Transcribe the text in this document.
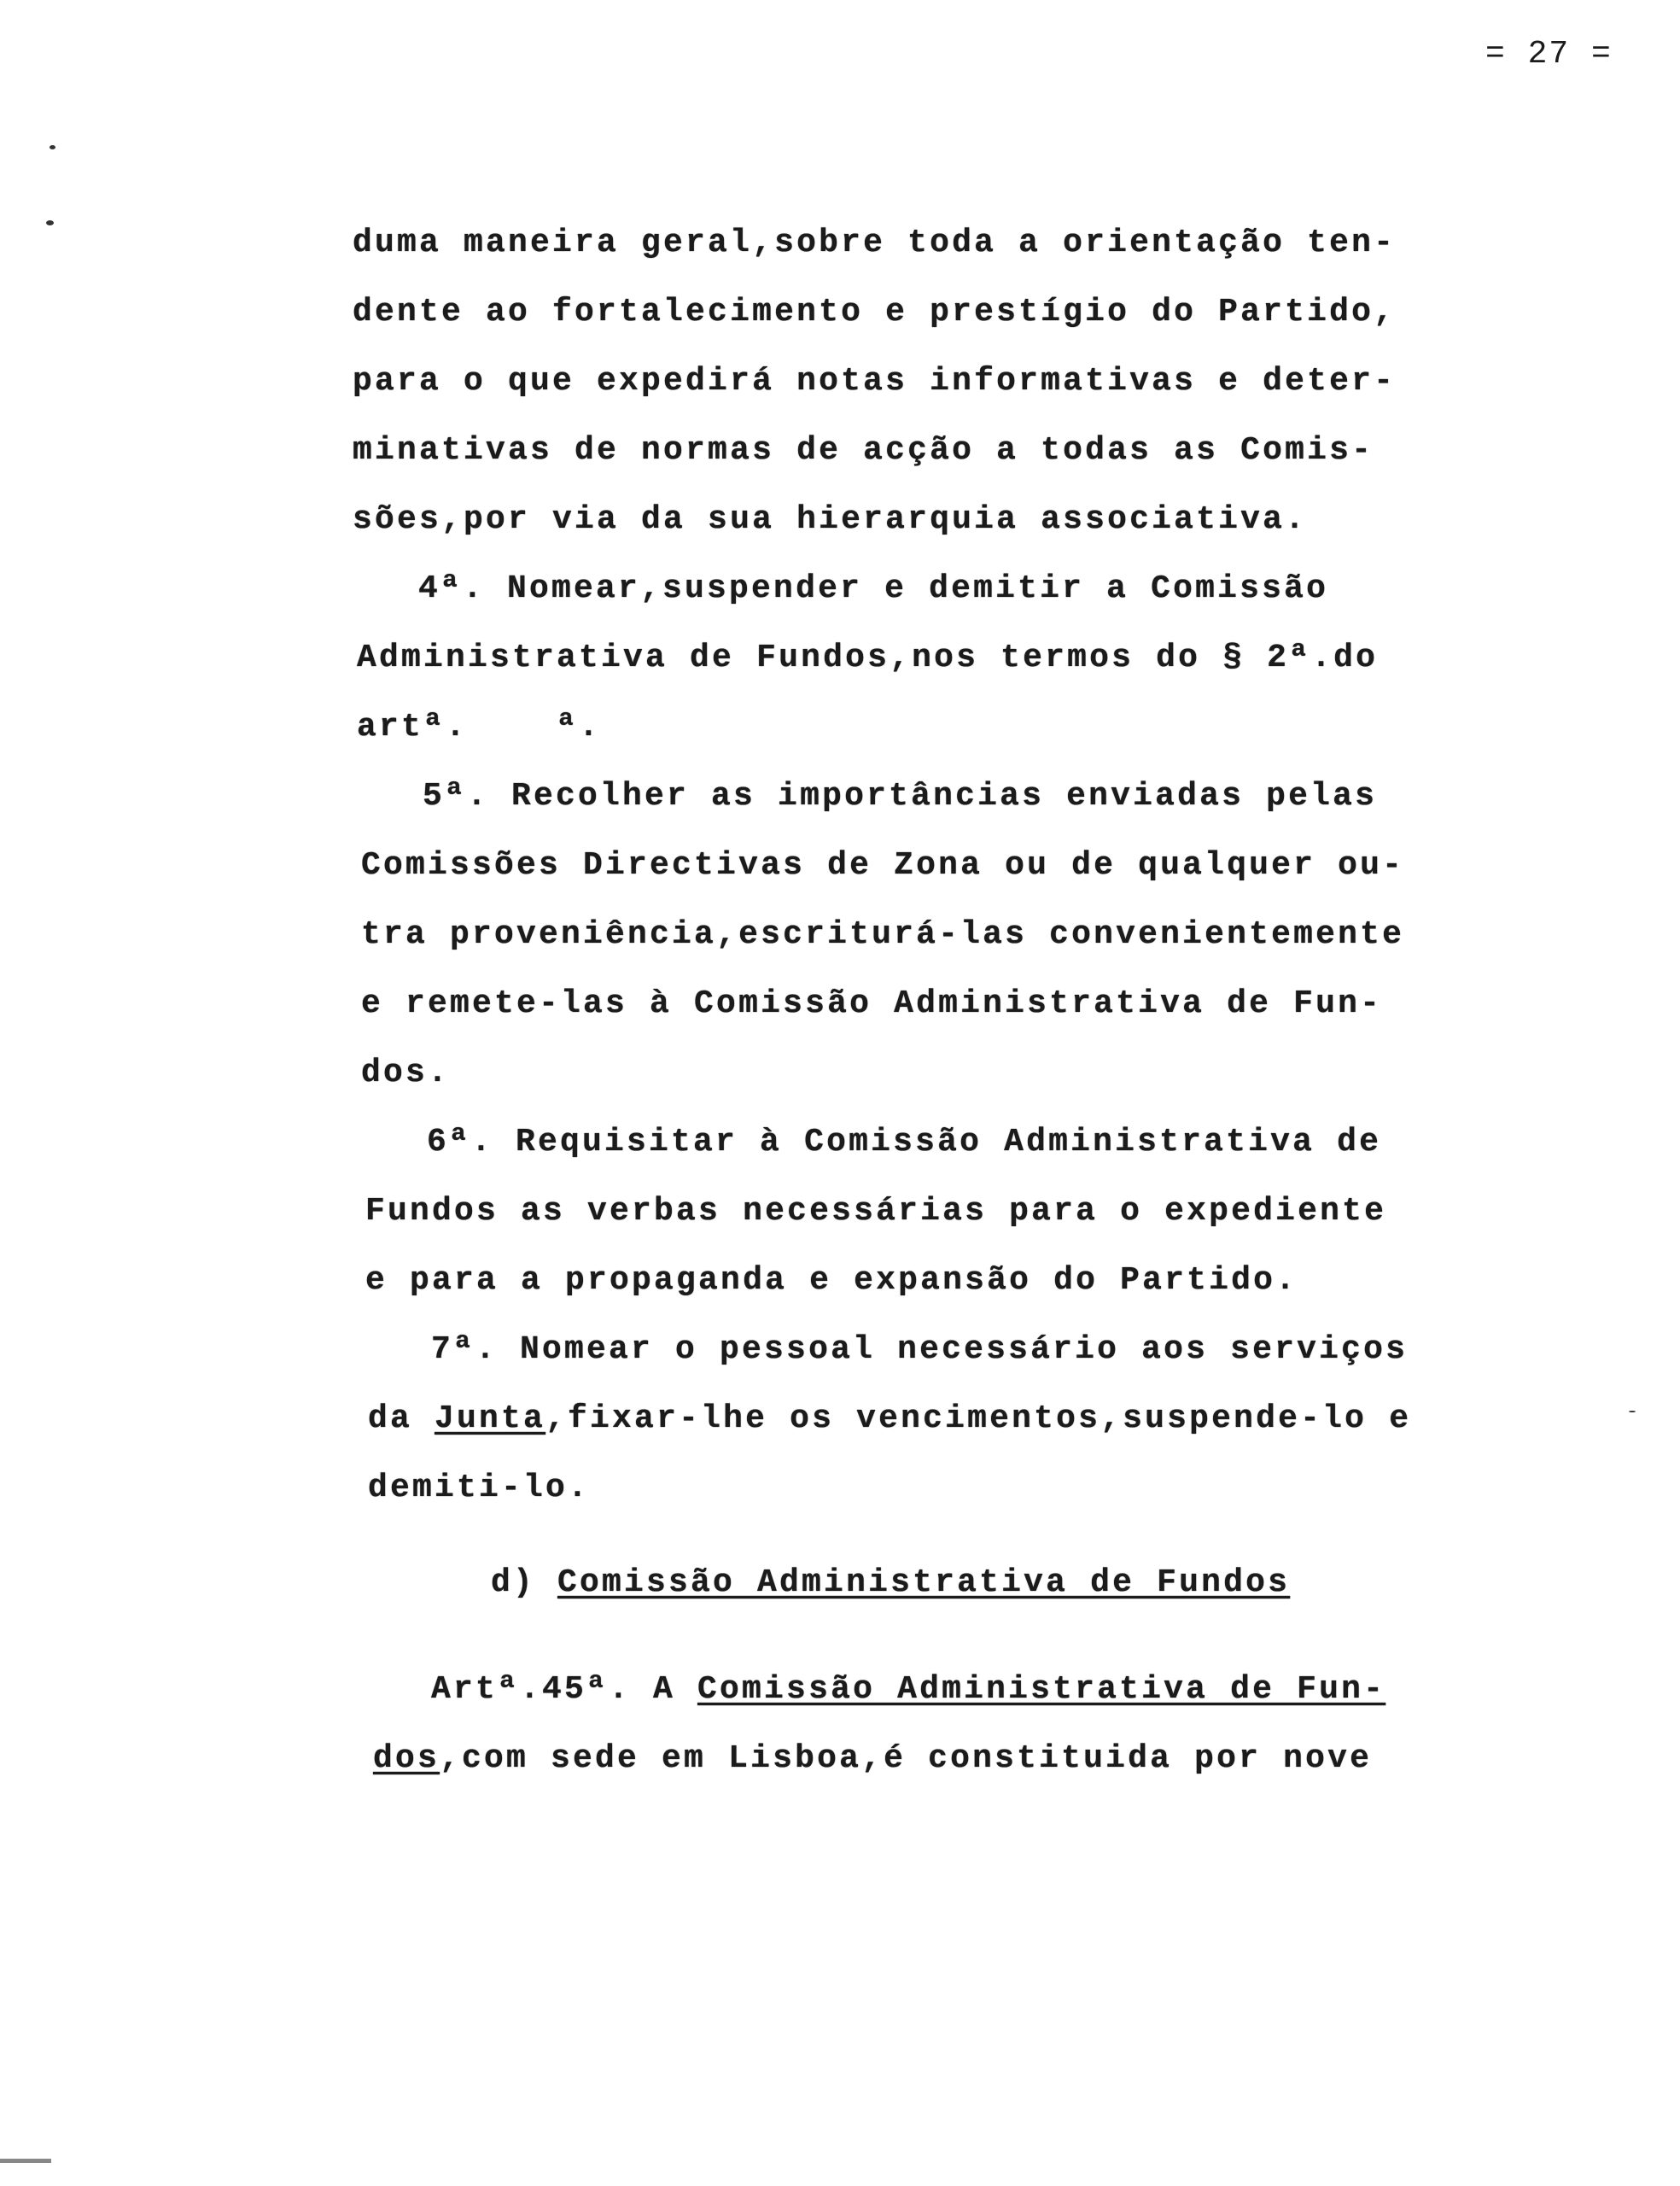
= 27 =
duma maneira geral,sobre toda a orientação ten-
dente ao fortalecimento e prestígio do Partido,
para o que expedirá notas informativas e deter-
minativas de normas de acção a todas as Comis-
sões,por via da sua hierarquia associativa.
4ª. Nomear,suspender e demitir a Comissão
Administrativa de Fundos,nos termos do § 2ª.do
artª.    ª.
5ª. Recolher as importâncias enviadas pelas
Comissões Directivas de Zona ou de qualquer ou-
tra proveniência,escriturá-las convenientemente
e remete-las à Comissão Administrativa de Fun-
dos.
6ª. Requisitar à Comissão Administrativa de
Fundos as verbas necessárias para o expediente
e para a propaganda e expansão do Partido.
7ª. Nomear o pessoal necessário aos serviços
da Junta,fixar-lhe os vencimentos,suspende-lo e
demiti-lo.
d) Comissão Administrativa de Fundos
Artª.45ª. A Comissão Administrativa de Fun-
dos,com sede em Lisboa,é constituida por nove
